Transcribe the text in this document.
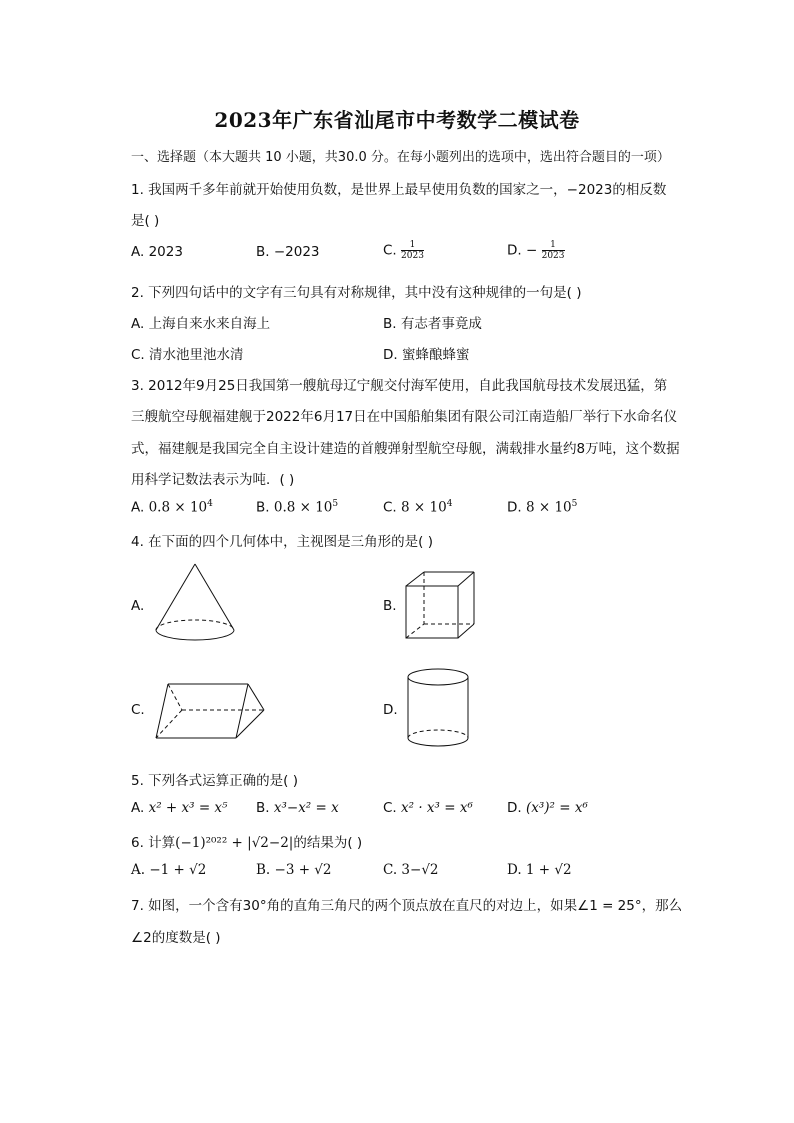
2023年广东省汕尾市中考数学二模试卷
一、选择题（本大题共 10 小题，共30.0 分。在每小题列出的选项中，选出符合题目的一项）
1. 我国两千多年前就开始使用负数，是世界上最早使用负数的国家之一，−2023的相反数
是( )
A. 2023	B. −2023	C. $\frac{1}{2023}$	D. − $\frac{1}{2023}$
2. 下列四句话中的文字有三句具有对称规律，其中没有这种规律的一句是( )
A. 上海自来水来自海上	B. 有志者事竟成
C. 清水池里池水清	D. 蜜蜂酿蜂蜜
3. 2012年9月25日我国第一艘航母辽宁舰交付海军使用，自此我国航母技术发展迅猛，第
三艘航空母舰福建舰于2022年6月17日在中国船舶集团有限公司江南造船厂举行下水命名仪
式，福建舰是我国完全自主设计建造的首艘弹射型航空母舰，满载排水量约8万吨，这个数据
用科学记数法表示为吨．( )
A. $0.8 \times 10^4$	B. $0.8 \times 10^5$	C. $8 \times 10^4$	D. $8 \times 10^5$
4. 在下面的四个几何体中，主视图是三角形的是( )
A.	B.
C.	D.
5. 下列各式运算正确的是( )
A. x² + x³ = x⁵ B. x³−x² = x	C. x² · x³ = x⁶	D. (x³)² = x⁶
6. 计算(−1)²⁰²² + |√2−2|的结果为( )
A. −1 + √2	B. −3 + √2	C. 3−√2	D. 1 + √2
7. 如图，一个含有30°角的直角三角尺的两个顶点放在直尺的对边上，如果∠1 = 25°，那么
∠2的度数是( )
